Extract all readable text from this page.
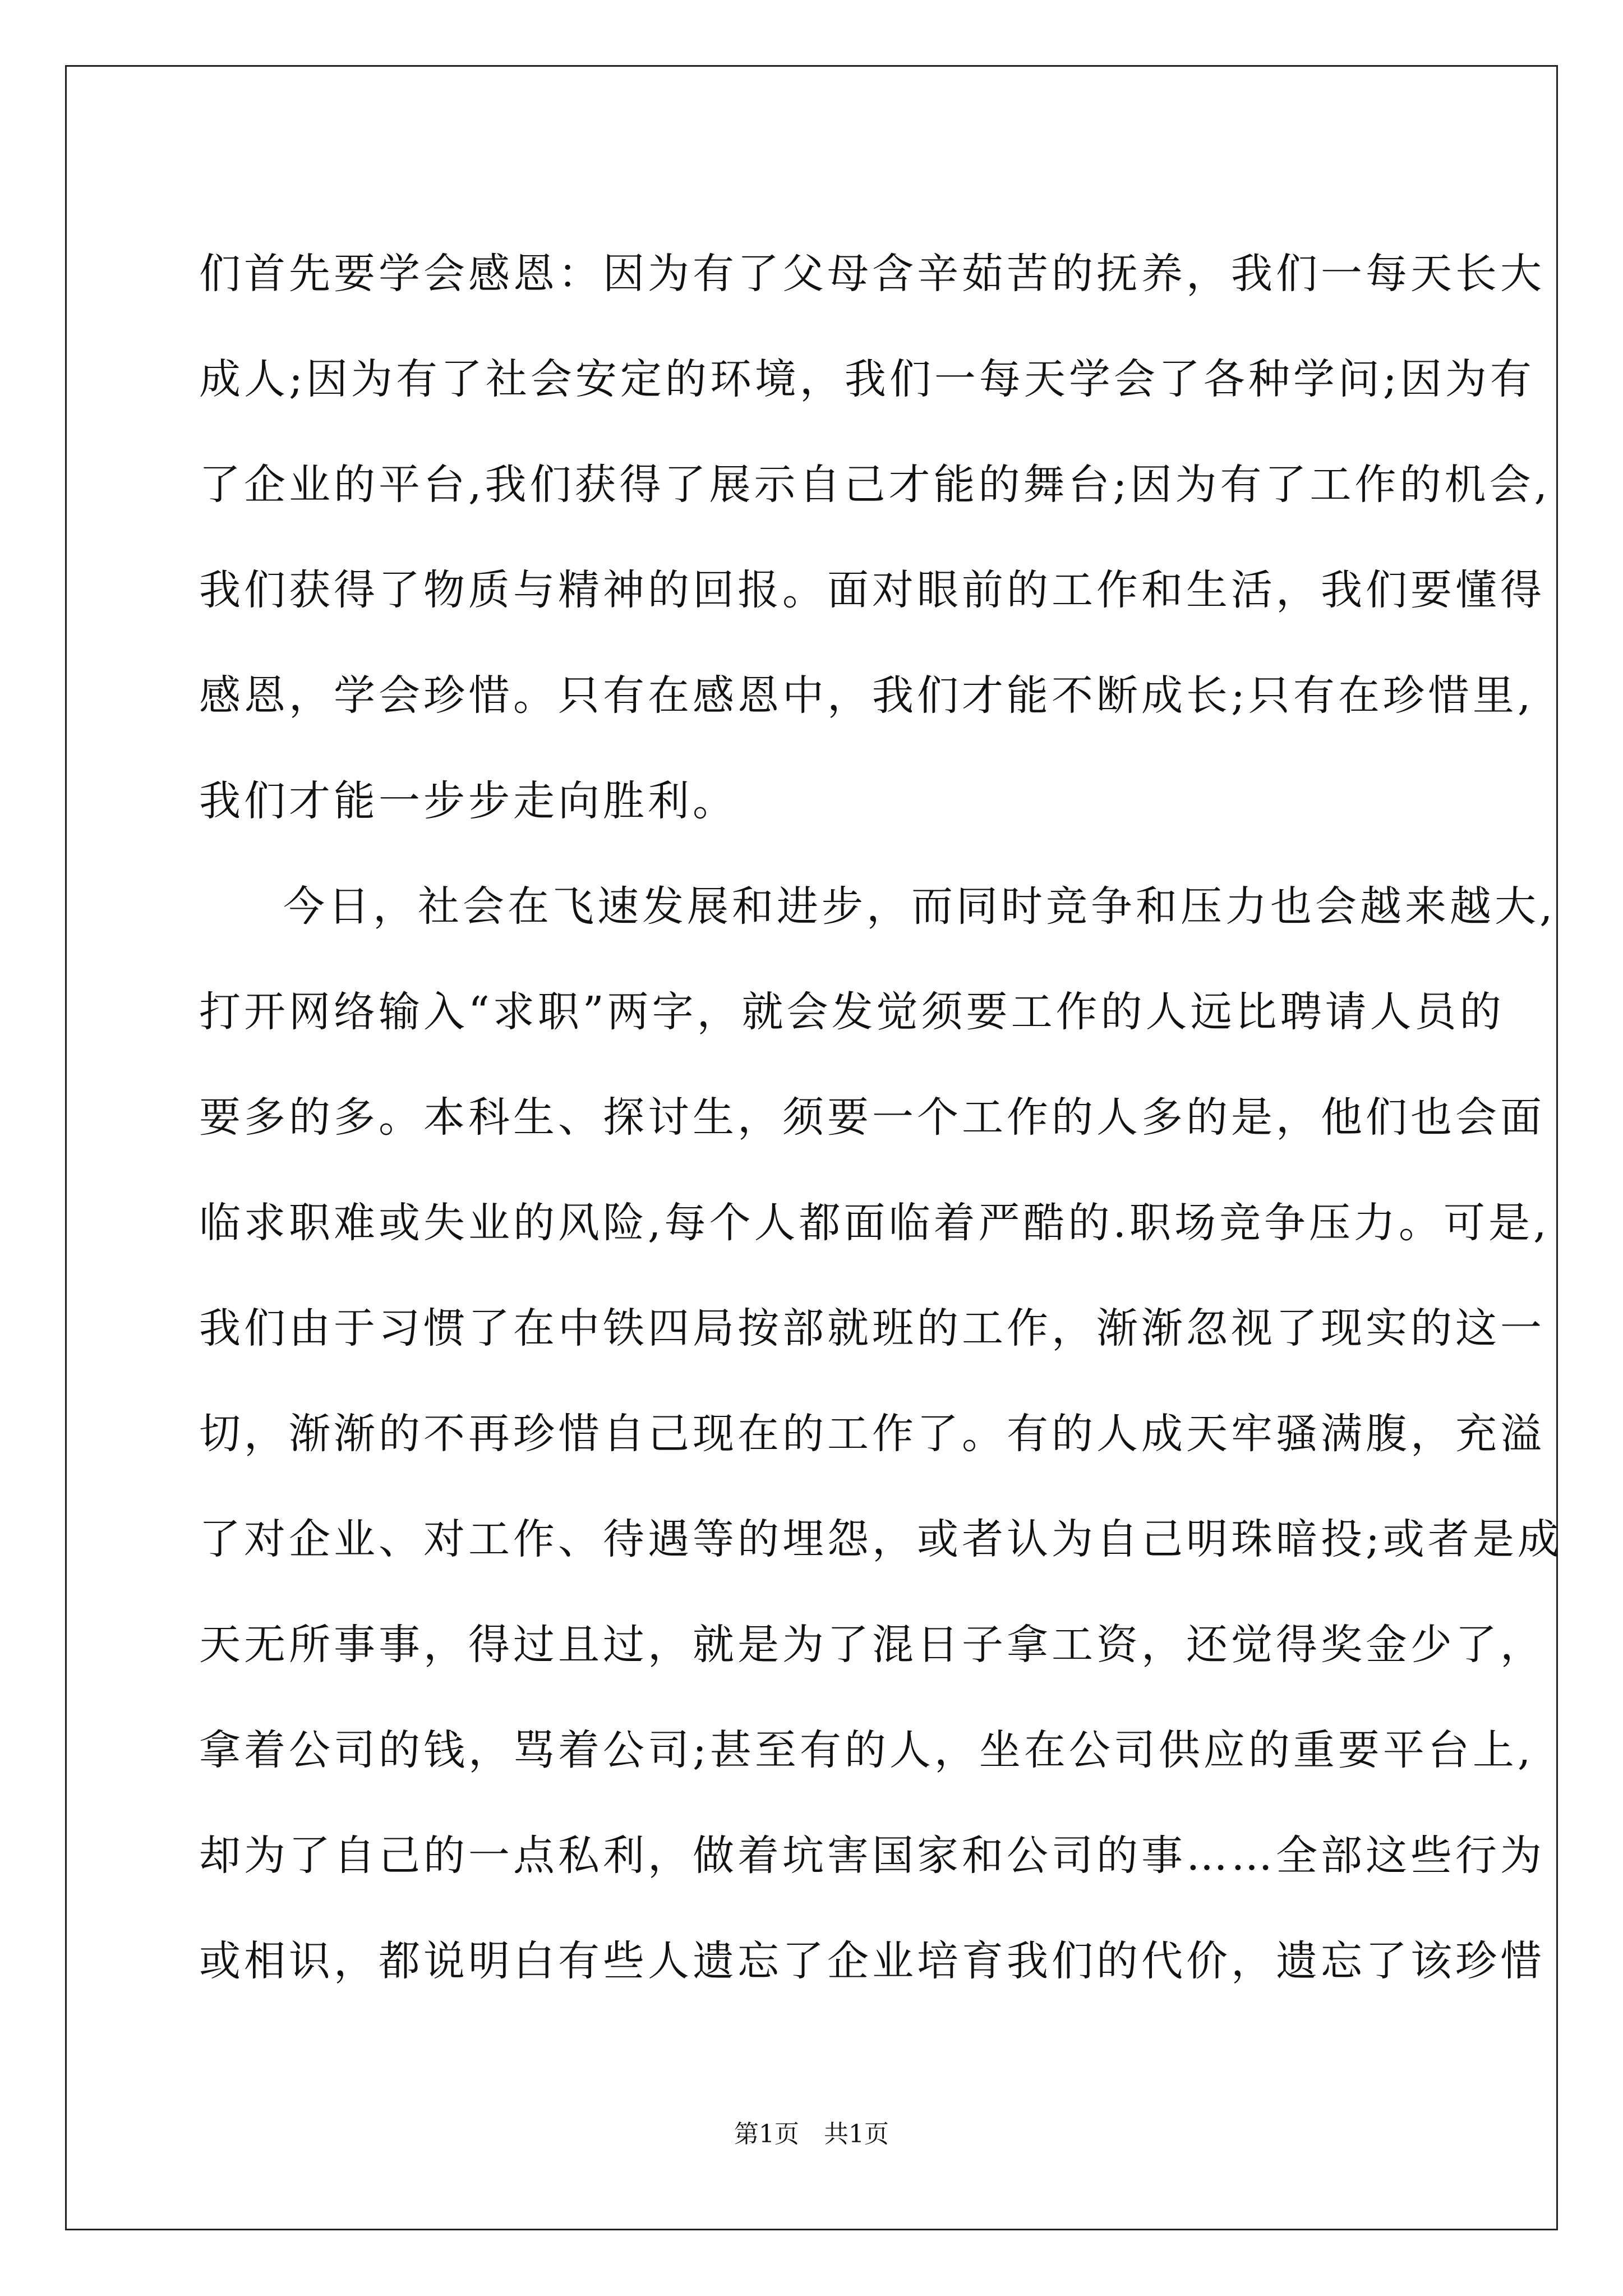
们首先要学会感恩：因为有了父母含辛茹苦的抚养，我们一每天长大
成人;因为有了社会安定的环境，我们一每天学会了各种学问;因为有
了企业的平台,我们获得了展示自己才能的舞台;因为有了工作的机会,
我们获得了物质与精神的回报。面对眼前的工作和生活，我们要懂得
感恩，学会珍惜。只有在感恩中，我们才能不断成长;只有在珍惜里,
我们才能一步步走向胜利。
今日，社会在飞速发展和进步，而同时竞争和压力也会越来越大,
打开网络输入“求职”两字，就会发觉须要工作的人远比聘请人员的
要多的多。本科生、探讨生，须要一个工作的人多的是，他们也会面
临求职难或失业的风险,每个人都面临着严酷的.职场竞争压力。可是,
我们由于习惯了在中铁四局按部就班的工作，渐渐忽视了现实的这一
切，渐渐的不再珍惜自己现在的工作了。有的人成天牢骚满腹，充溢
了对企业、对工作、待遇等的埋怨，或者认为自己明珠暗投;或者是成
天无所事事，得过且过，就是为了混日子拿工资，还觉得奖金少了，
拿着公司的钱，骂着公司;甚至有的人，坐在公司供应的重要平台上,
却为了自己的一点私利，做着坑害国家和公司的事……全部这些行为
或相识，都说明白有些人遗忘了企业培育我们的代价，遗忘了该珍惜
第1页　共1页
